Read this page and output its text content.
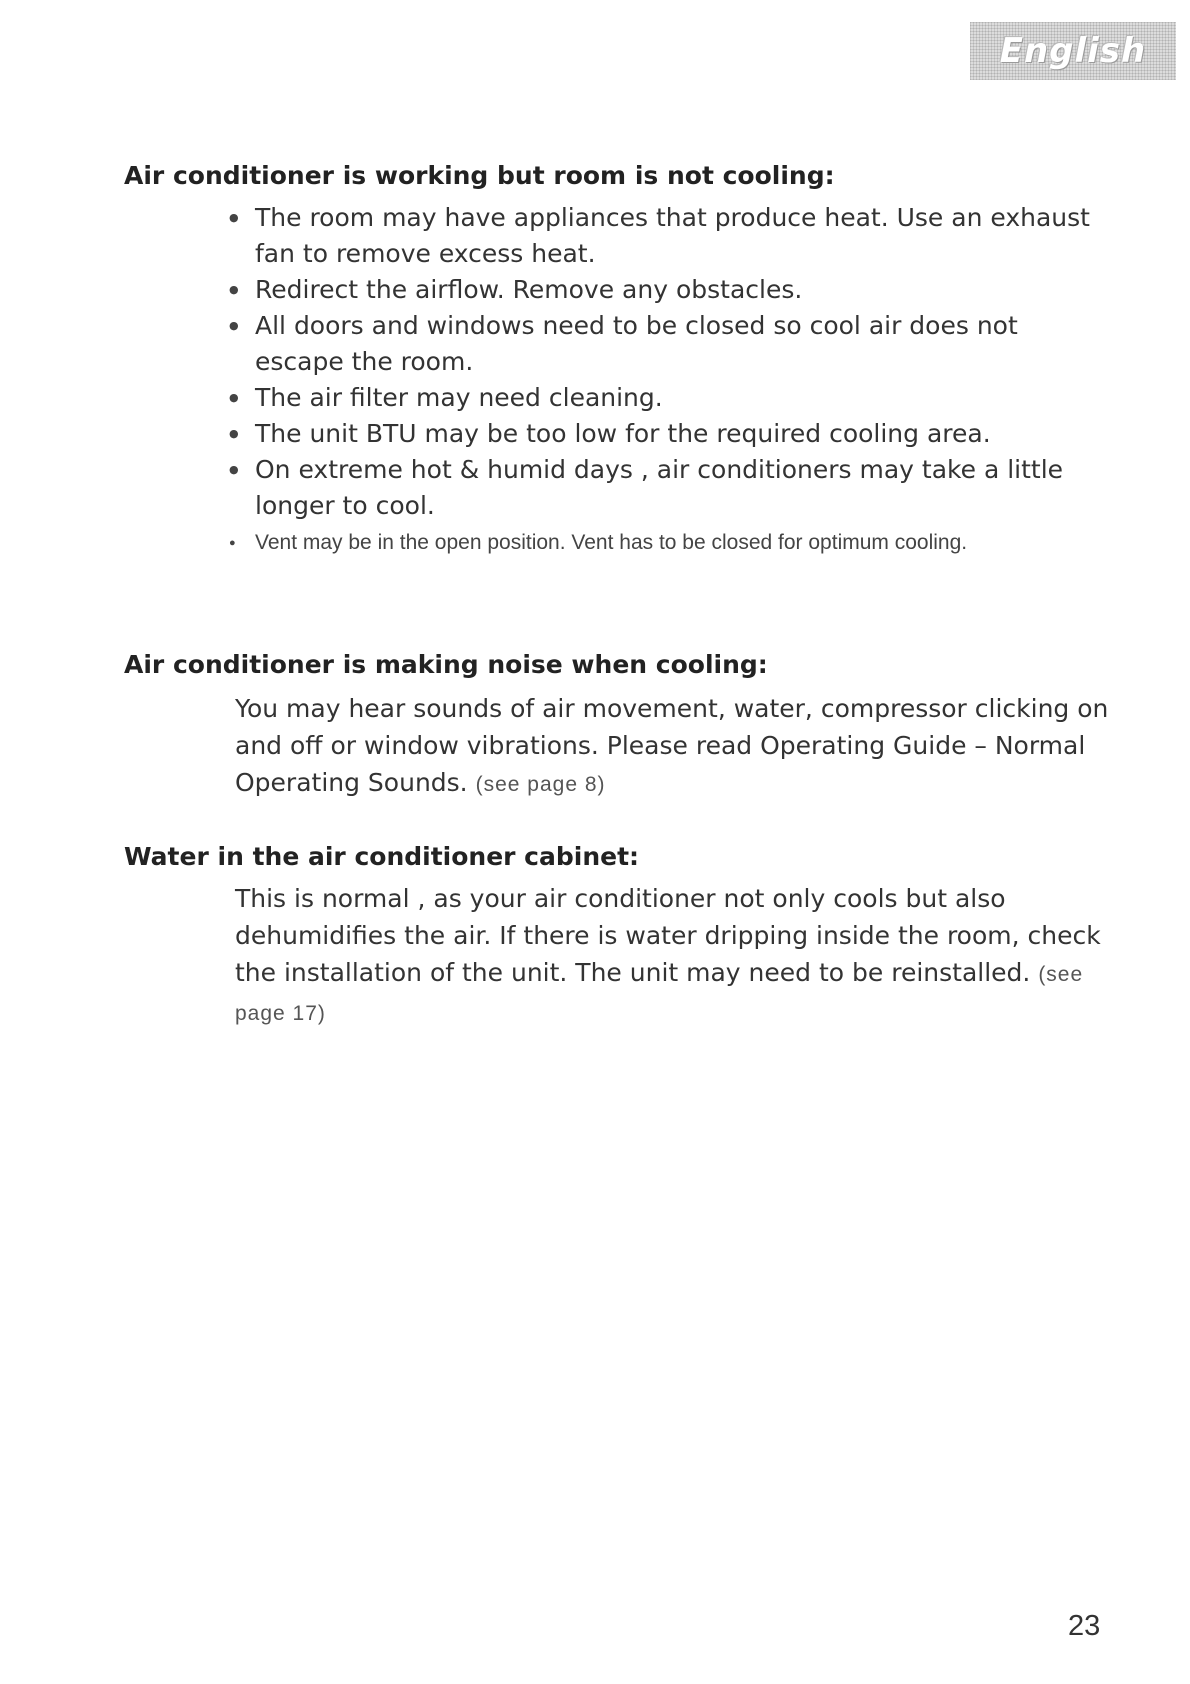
English
Air conditioner is working but room is not cooling:
● The room may have appliances that produce heat. Use an exhaust fan to remove excess heat.
● Redirect the airflow. Remove any obstacles.
● All doors and windows need to be closed so cool air does not escape the room.
● The air filter may need cleaning.
● The unit BTU may be too low for the required cooling area.
● On extreme hot & humid days , air conditioners may take a little longer to cool.
● Vent may be in the open position. Vent has to be closed for optimum cooling.
Air conditioner is making noise when cooling:

You may hear sounds of air movement, water, compressor clicking on and off or window vibrations. Please read Operating Guide – Normal Operating Sounds. (see page 8)

Water in the air conditioner cabinet:

This is normal , as your air conditioner not only cools but also dehumidifies the air. If there is water dripping inside the room, check the installation of the unit. The unit may need to be reinstalled. (see page 17)

23
